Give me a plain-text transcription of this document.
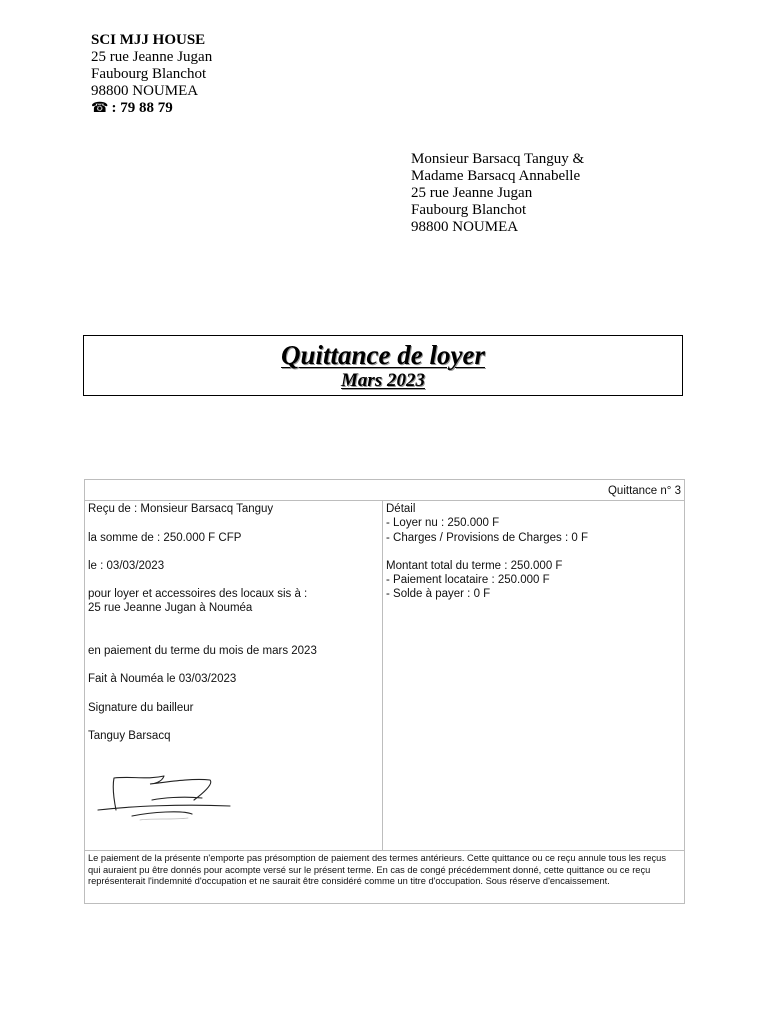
SCI MJJ HOUSE
25 rue Jeanne Jugan
Faubourg Blanchot
98800 NOUMEA
☎ : 79 88 79
Monsieur Barsacq Tanguy &
Madame Barsacq Annabelle
25 rue Jeanne Jugan
Faubourg Blanchot
98800 NOUMEA
Quittance de loyer
Mars 2023
Quittance n° 3
Reçu de : Monsieur Barsacq Tanguy
la somme de : 250.000 F CFP
le : 03/03/2023
pour loyer et accessoires des locaux sis à :
25 rue Jeanne Jugan à Nouméa
en paiement du terme du mois de mars 2023
Fait à Nouméa le 03/03/2023
Signature du bailleur
Tanguy Barsacq
Détail
- Loyer nu : 250.000 F
- Charges / Provisions de Charges : 0 F
Montant total du terme : 250.000 F
- Paiement locataire : 250.000 F
- Solde à payer : 0 F
Le paiement de la présente n'emporte pas présomption de paiement des termes antérieurs. Cette quittance ou ce reçu annule tous les reçus qui auraient pu être donnés pour acompte versé sur le présent terme. En cas de congé précédemment donné, cette quittance ou ce reçu représenterait l'indemnité d'occupation et ne saurait être considéré comme un titre d'occupation. Sous réserve d'encaissement.
